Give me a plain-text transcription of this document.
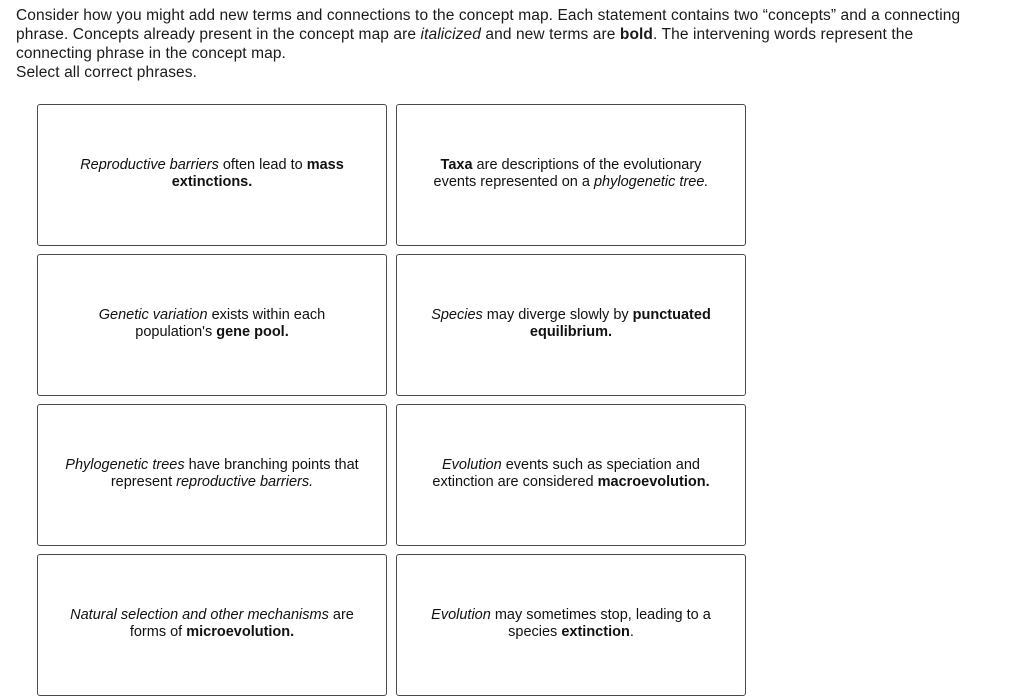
Consider how you might add new terms and connections to the concept map. Each statement contains two “concepts” and a connecting phrase. Concepts already present in the concept map are italicized and new terms are bold. The intervening words represent the connecting phrase in the concept map.

Select all correct phrases.

Reproductive barriers often lead to mass extinctions.
Taxa are descriptions of the evolutionary events represented on a phylogenetic tree.
Genetic variation exists within each population's gene pool.
Species may diverge slowly by punctuated equilibrium.
Phylogenetic trees have branching points that represent reproductive barriers.
Evolution events such as speciation and extinction are considered macroevolution.
Natural selection and other mechanisms are forms of microevolution.
Evolution may sometimes stop, leading to a species extinction.
